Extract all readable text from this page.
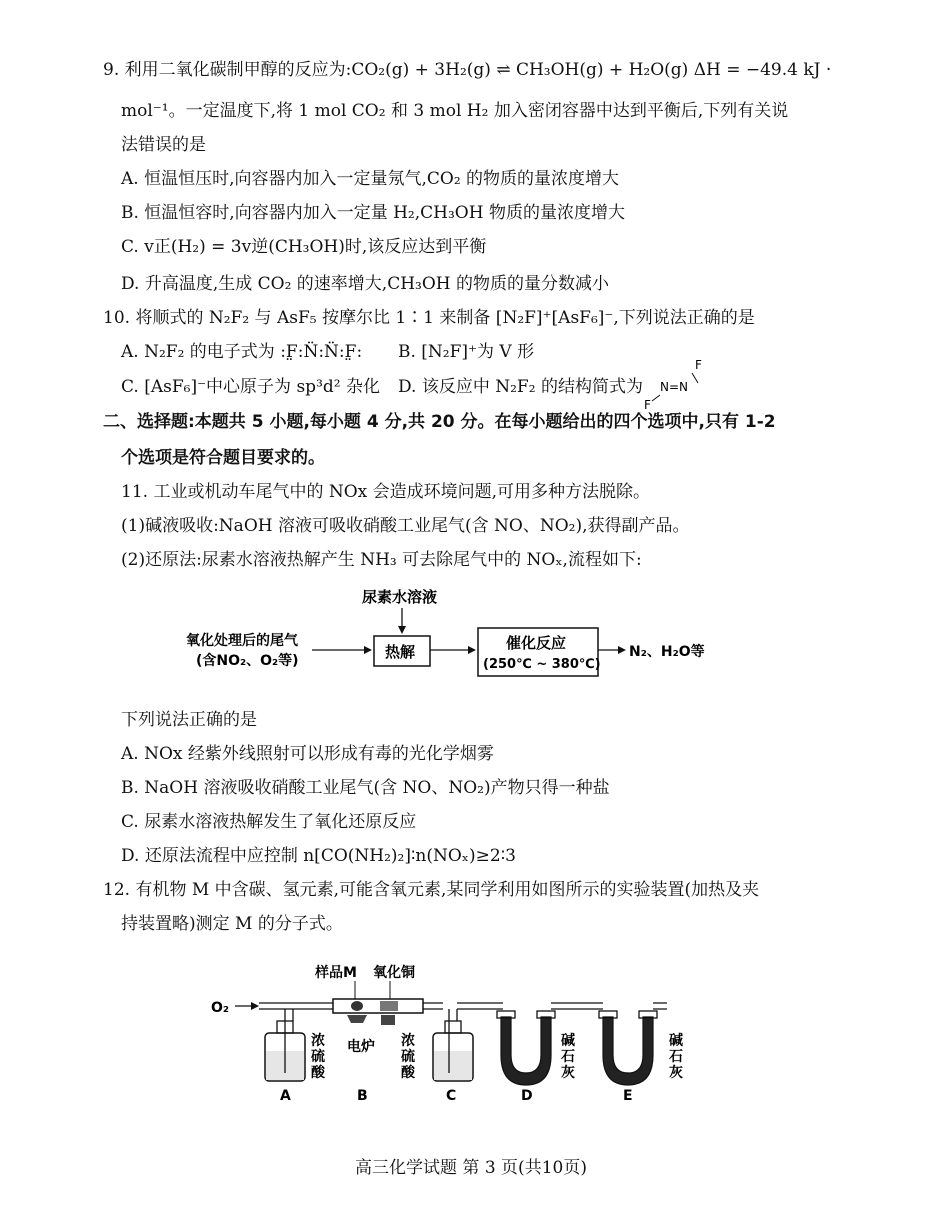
9. 利用二氧化碳制甲醇的反应为:CO₂(g) + 3H₂(g) ⇌ CH₃OH(g) + H₂O(g) ΔH = −49.4 kJ ·
mol⁻¹。一定温度下,将 1 mol CO₂ 和 3 mol H₂ 加入密闭容器中达到平衡后,下列有关说
法错误的是
A. 恒温恒压时,向容器内加入一定量氖气,CO₂ 的物质的量浓度增大
B. 恒温恒容时,向容器内加入一定量 H₂,CH₃OH 物质的量浓度增大
C. v正(H₂) = 3v逆(CH₃OH)时,该反应达到平衡
D. 升高温度,生成 CO₂ 的速率增大,CH₃OH 的物质的量分数减小
10. 将顺式的 N₂F₂ 与 AsF₅ 按摩尔比 1∶1 来制备 [N₂F]⁺[AsF₆]⁻,下列说法正确的是
A. N₂F₂ 的电子式为 :F̤:N̈:N̈:F̤: B. [N₂F]⁺为 V 形
C. [AsF₆]⁻中心原子为 sp³d² 杂化 D. 该反应中 N₂F₂ 的结构简式为
F
N=N
F
二、选择题:本题共 5 小题,每小题 4 分,共 20 分。在每小题给出的四个选项中,只有 1-2
个选项是符合题目要求的。
11. 工业或机动车尾气中的 NOx 会造成环境问题,可用多种方法脱除。
(1)碱液吸收:NaOH 溶液可吸收硝酸工业尾气(含 NO、NO₂),获得副产品。
(2)还原法:尿素水溶液热解产生 NH₃ 可去除尾气中的 NOₓ,流程如下:
尿素水溶液
氧化处理后的尾气
(含NO₂、O₂等)	热解	催化反应
(250℃ ~ 380℃)
N₂、H₂O等
下列说法正确的是
A. NOx 经紫外线照射可以形成有毒的光化学烟雾
B. NaOH 溶液吸收硝酸工业尾气(含 NO、NO₂)产物只得一种盐
C. 尿素水溶液热解发生了氧化还原反应
D. 还原法流程中应控制 n[CO(NH₂)₂]∶n(NOₓ)≥2∶3
12. 有机物 M 中含碳、氢元素,可能含氧元素,某同学利用如图所示的实验装置(加热及夹
持装置略)测定 M 的分子式。
O₂
浓
硫
酸
A
样品M 氧化铜
电炉
B
浓
硫
酸
C
碱
石
灰
D
碱
石
灰
E
高三化学试题 第 3 页(共10页)
